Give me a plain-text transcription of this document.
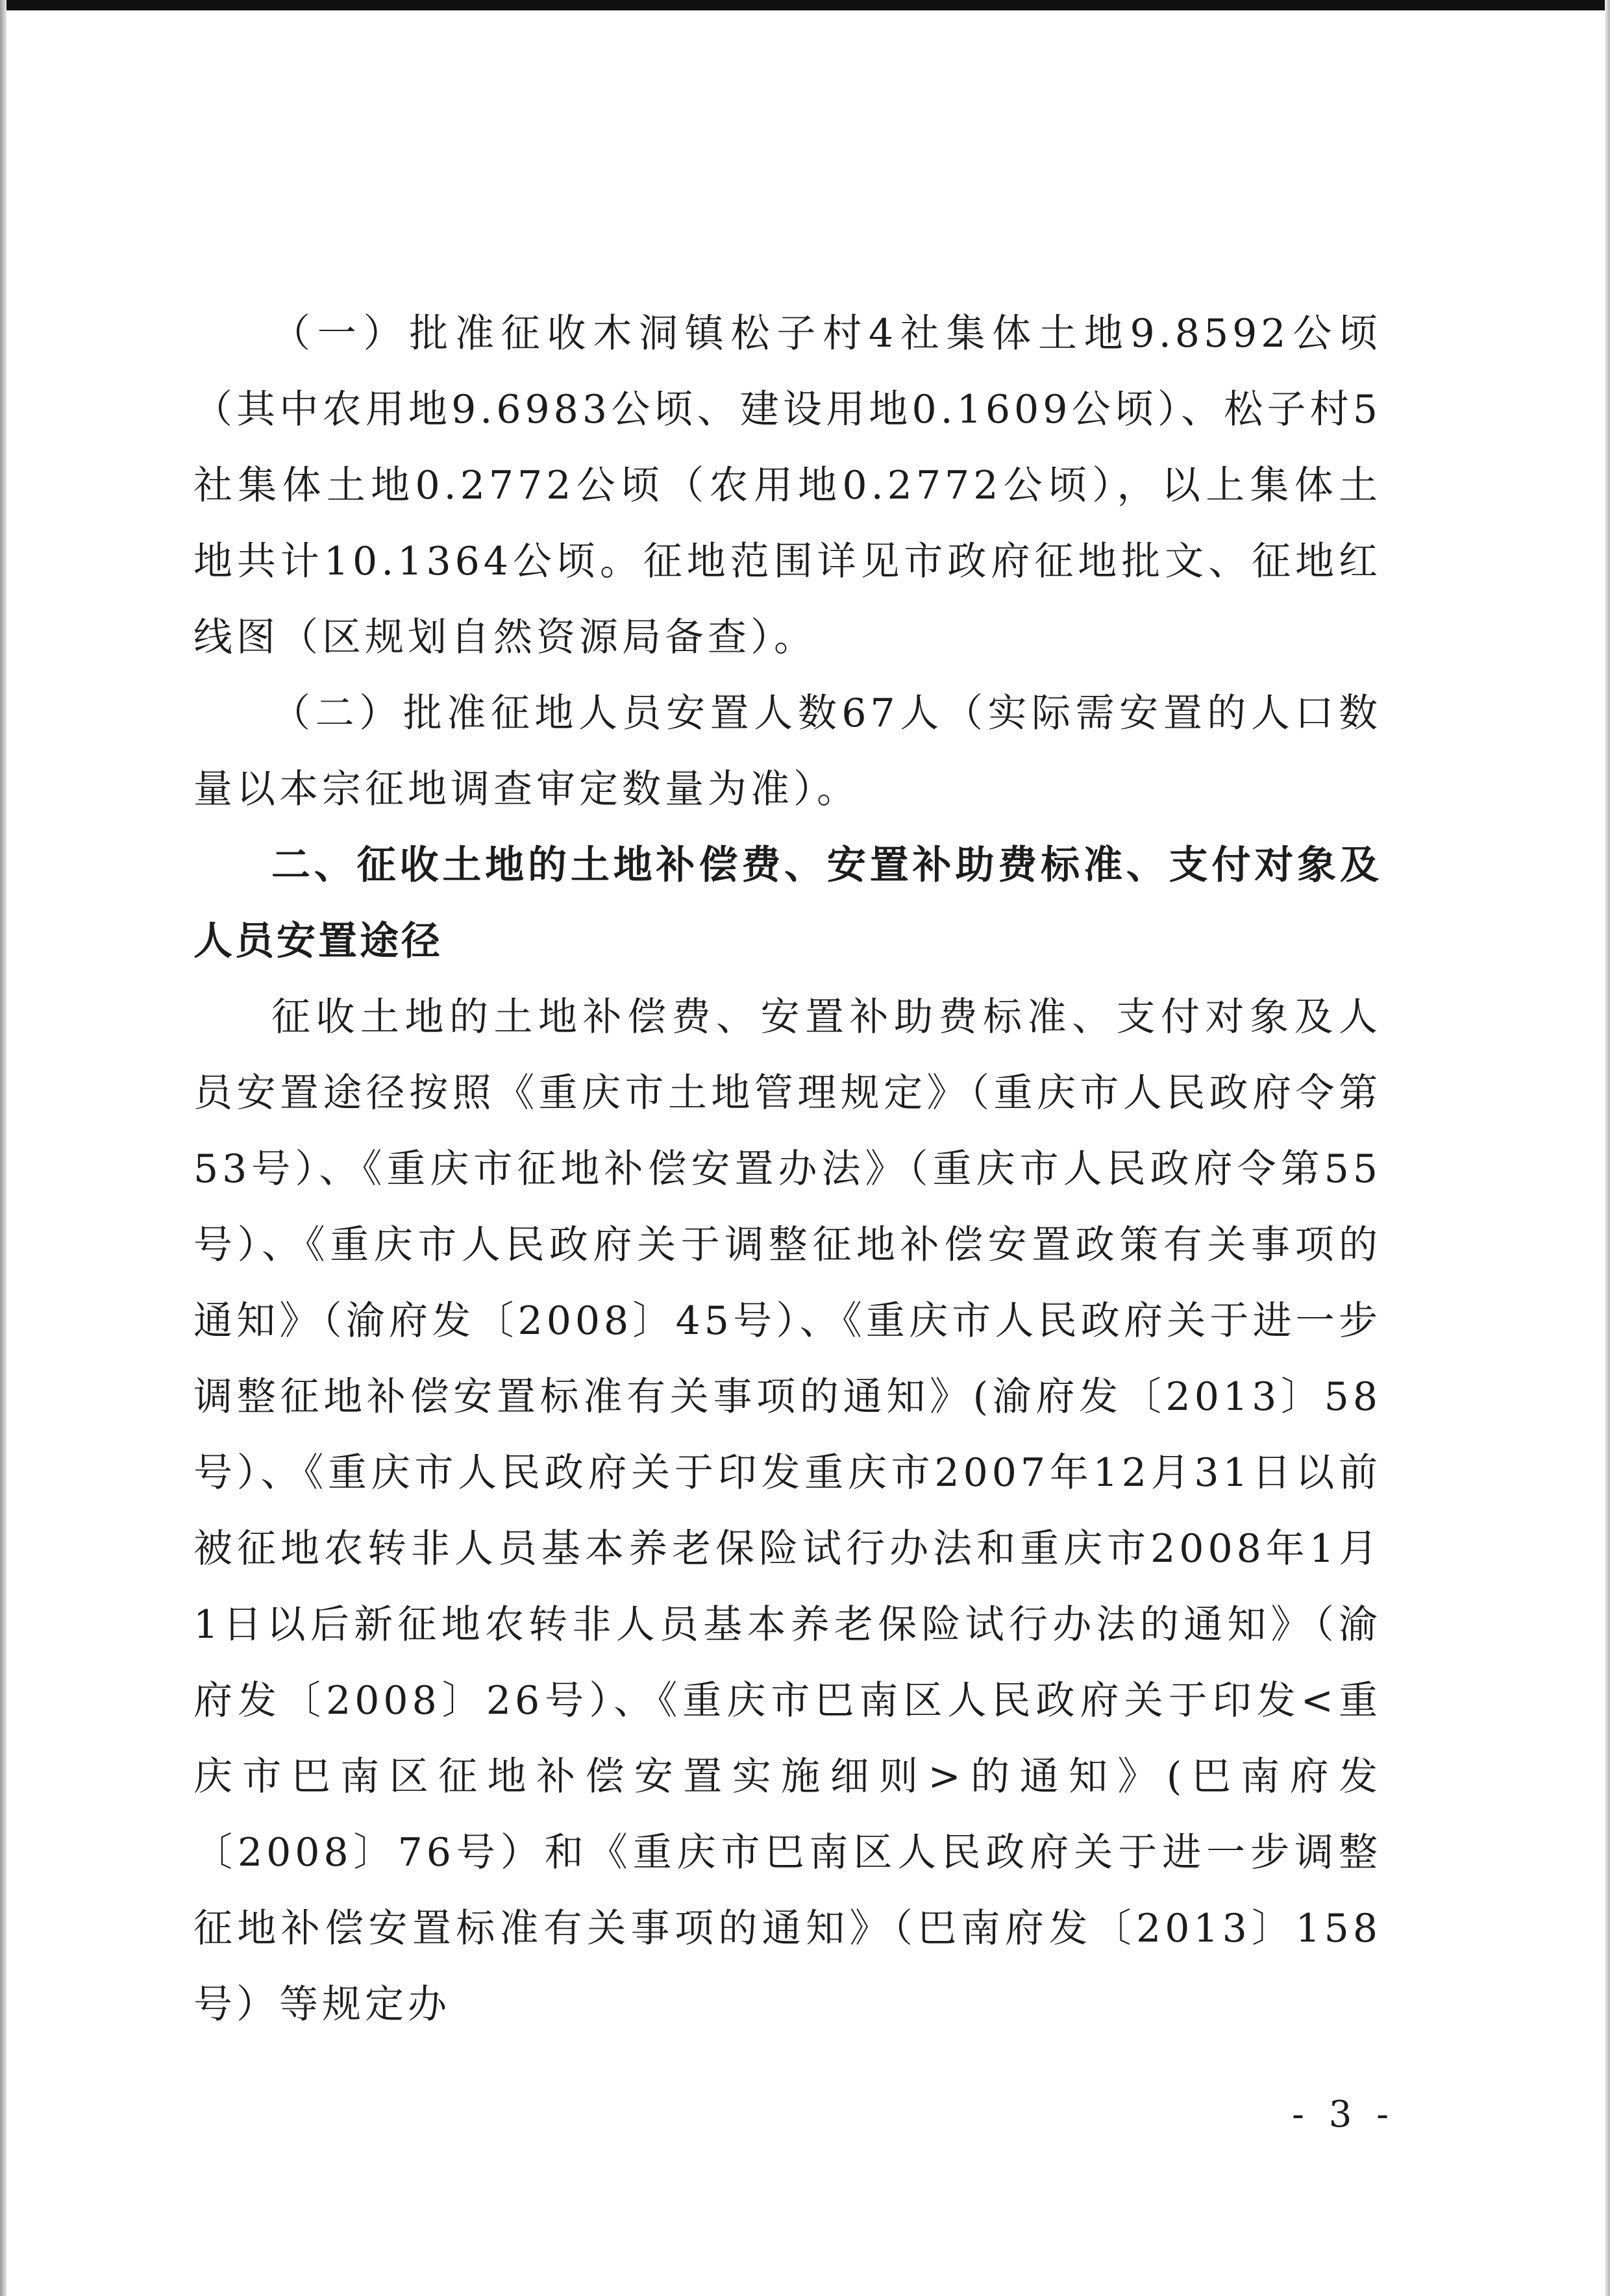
（一）批准征收木洞镇松子村4社集体土地9.8592公顷（其中农用地9.6983公顷、建设用地0.1609公顷）、松子村5社集体土地0.2772公顷（农用地0.2772公顷），以上集体土地共计10.1364公顷。征地范围详见市政府征地批文、征地红线图（区规划自然资源局备查）。

（二）批准征地人员安置人数67人（实际需安置的人口数量以本宗征地调查审定数量为准）。

二、征收土地的土地补偿费、安置补助费标准、支付对象及人员安置途径

征收土地的土地补偿费、安置补助费标准、支付对象及人员安置途径按照《重庆市土地管理规定》（重庆市人民政府令第53号）、《重庆市征地补偿安置办法》（重庆市人民政府令第55号）、《重庆市人民政府关于调整征地补偿安置政策有关事项的通知》（渝府发〔2008〕45号）、《重庆市人民政府关于进一步调整征地补偿安置标准有关事项的通知》(渝府发〔2013〕58号）、《重庆市人民政府关于印发重庆市2007年12月31日以前被征地农转非人员基本养老保险试行办法和重庆市2008年1月1日以后新征地农转非人员基本养老保险试行办法的通知》（渝府发〔2008〕26号）、《重庆市巴南区人民政府关于印发<重庆市巴南区征地补偿安置实施细则>的通知》(巴南府发〔2008〕76号）和《重庆市巴南区人民政府关于进一步调整征地补偿安置标准有关事项的通知》（巴南府发〔2013〕158号）等规定办

- 3 -
